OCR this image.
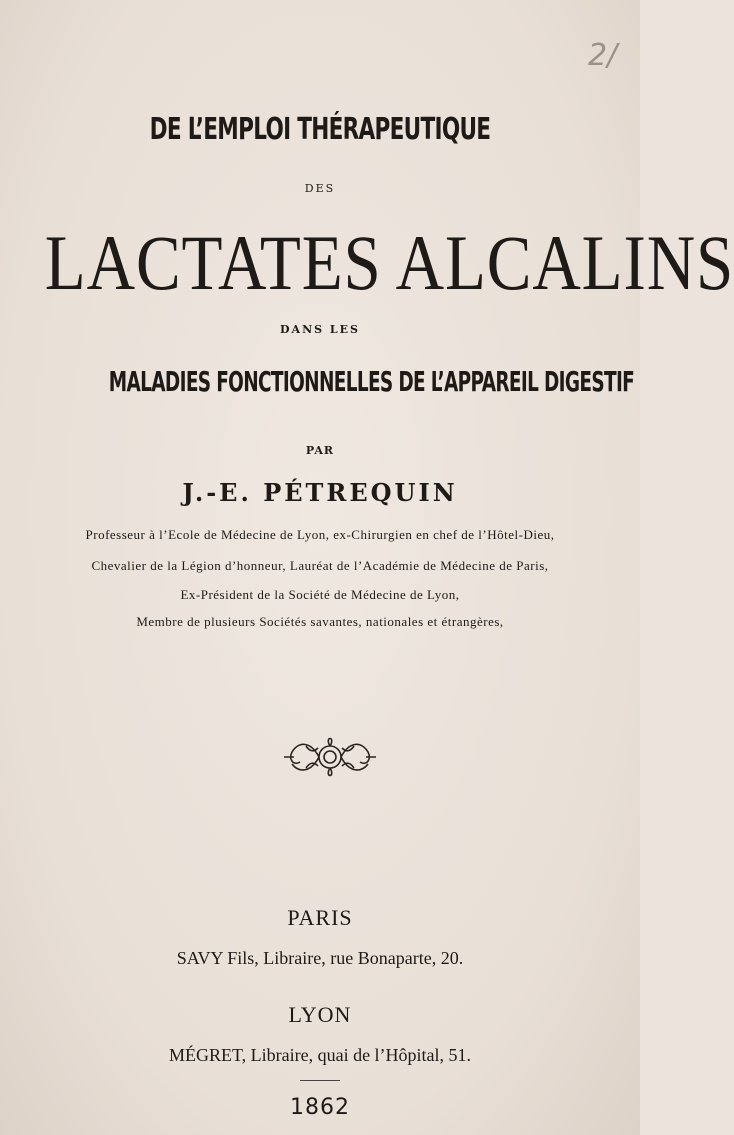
2/
DE L’EMPLOI THÉRAPEUTIQUE
DES
LACTATES ALCALINS
DANS LES
MALADIES FONCTIONNELLES DE L’APPAREIL DIGESTIF
PAR
J.-E. PÉTREQUIN
Professeur à l’Ecole de Médecine de Lyon, ex-Chirurgien en chef de l’Hôtel-Dieu,
Chevalier de la Légion d’honneur, Lauréat de l’Académie de Médecine de Paris,
Ex-Président de la Société de Médecine de Lyon,
Membre de plusieurs Sociétés savantes, nationales et étrangères,
PARIS
SAVY Fils, Libraire, rue Bonaparte, 20.
LYON
MÉGRET, Libraire, quai de l’Hôpital, 51.
1862
